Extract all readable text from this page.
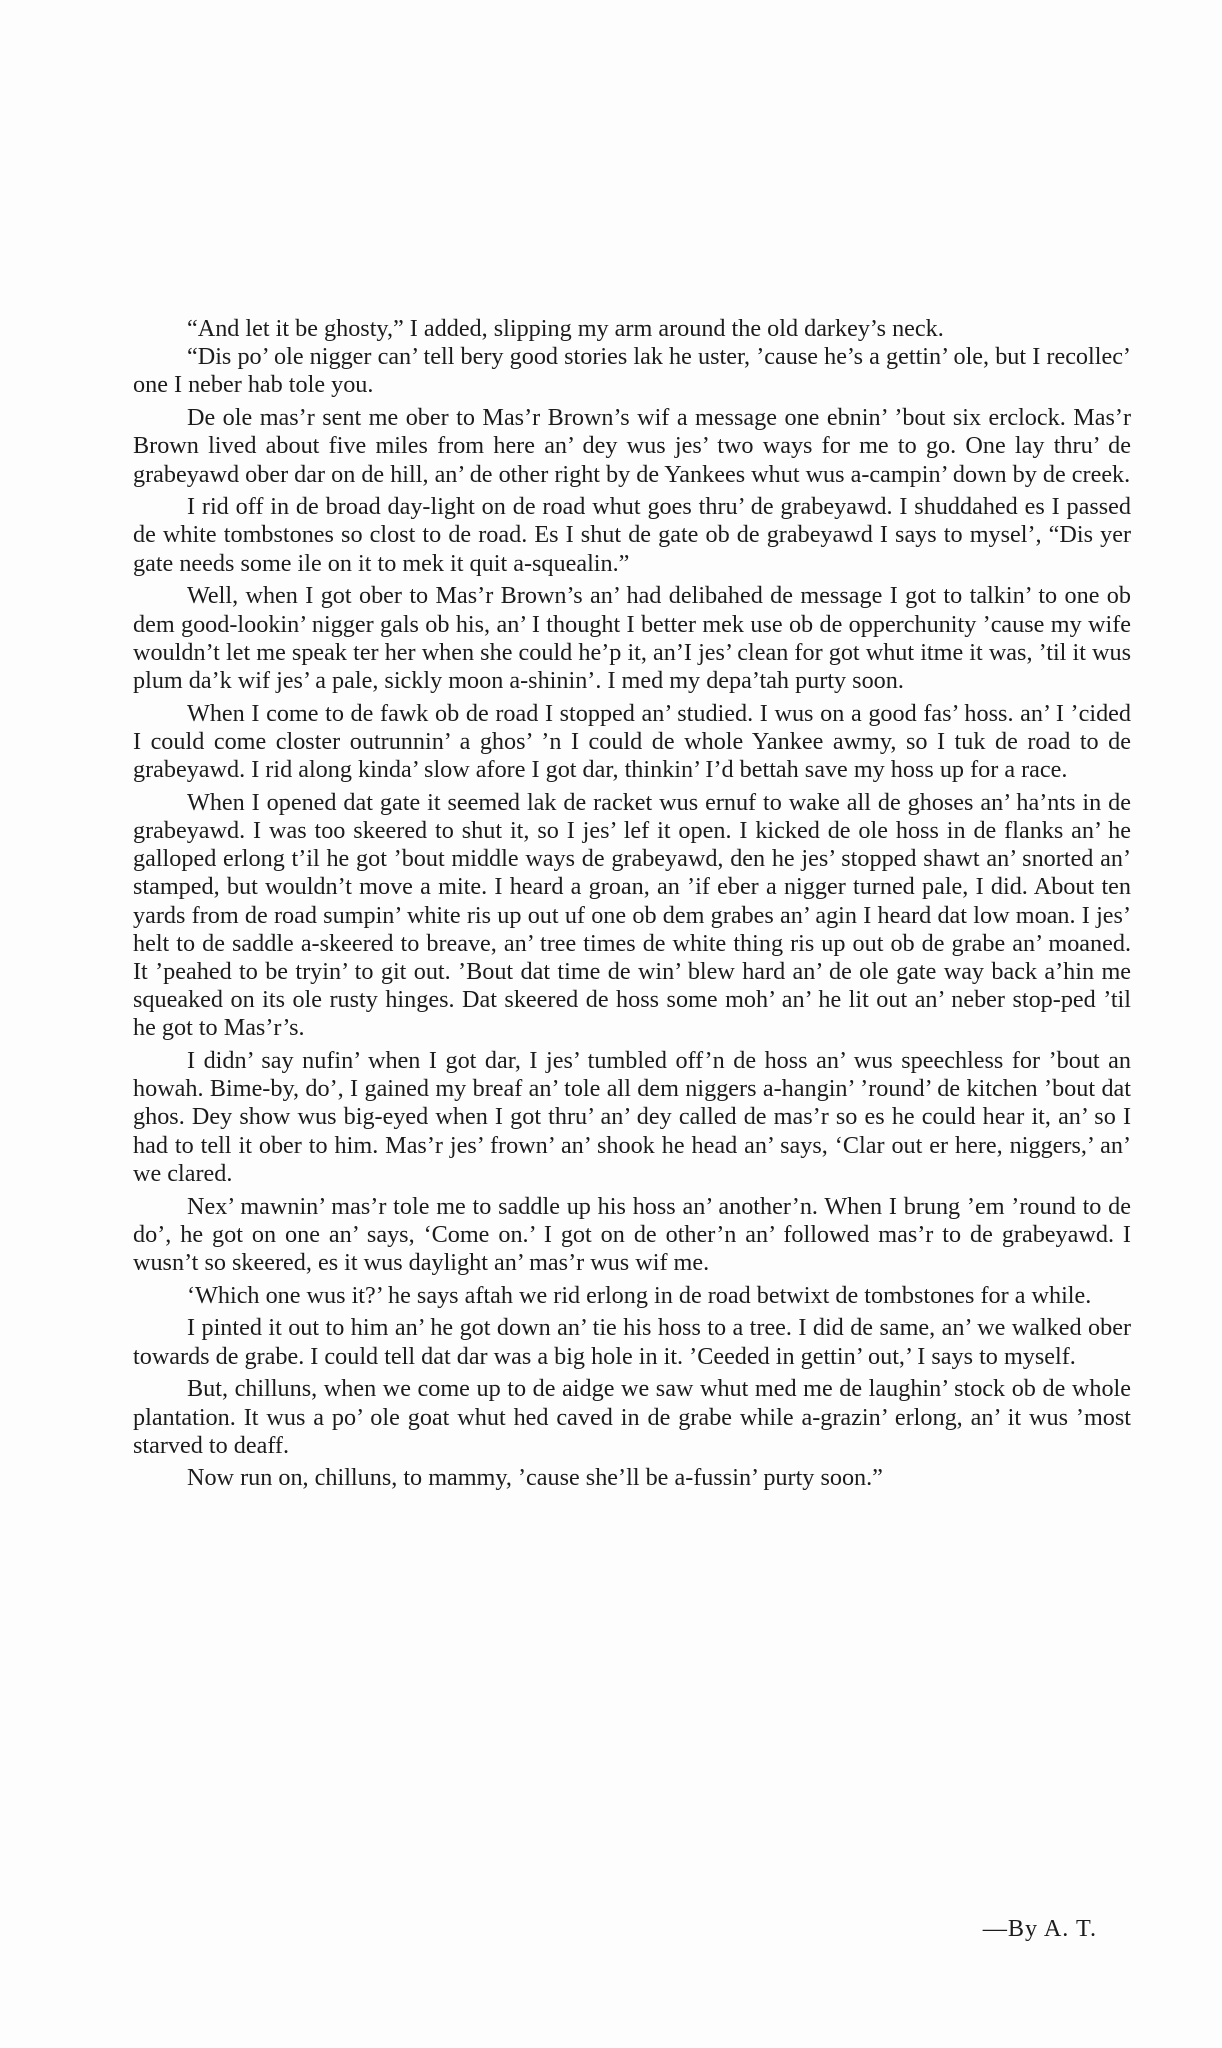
“And let it be ghosty,” I added, slipping my arm around the old darkey’s neck.

“Dis po’ ole nigger can’ tell bery good stories lak he uster, ’cause he’s a gettin’ ole, but I recollec’ one I neber hab tole you.

De ole mas’r sent me ober to Mas’r Brown’s wif a message one ebnin’ ’bout six erclock. Mas’r Brown lived about five miles from here an’ dey wus jes’ two ways for me to go. One lay thru’ de grabeyawd ober dar on de hill, an’ de other right by de Yankees whut wus a-campin’ down by de creek.

I rid off in de broad day-light on de road whut goes thru’ de grabeyawd. I shuddahed es I passed de white tombstones so clost to de road. Es I shut de gate ob de grabeyawd I says to mysel’, “Dis yer gate needs some ile on it to mek it quit a-squealin.”

Well, when I got ober to Mas’r Brown’s an’ had delibahed de message I got to talkin’ to one ob dem good-lookin’ nigger gals ob his, an’ I thought I better mek use ob de opperchunity ’cause my wife wouldn’t let me speak ter her when she could he’p it, an’I jes’ clean for got whut itme it was, ’til it wus plum da’k wif jes’ a pale, sickly moon a-shinin’. I med my depa’tah purty soon.

When I come to de fawk ob de road I stopped an’ studied. I wus on a good fas’ hoss. an’ I ’cided I could come closter outrunnin’ a ghos’ ’n I could de whole Yankee awmy, so I tuk de road to de grabeyawd. I rid along kinda’ slow afore I got dar, thinkin’ I’d bettah save my hoss up for a race.

When I opened dat gate it seemed lak de racket wus ernuf to wake all de ghoses an’ ha’nts in de grabeyawd. I was too skeered to shut it, so I jes’ lef it open. I kicked de ole hoss in de flanks an’ he galloped erlong t’il he got ’bout middle ways de grabeyawd, den he jes’ stopped shawt an’ snorted an’ stamped, but wouldn’t move a mite. I heard a groan, an ’if eber a nigger turned pale, I did. About ten yards from de road sumpin’ white ris up out uf one ob dem grabes an’ agin I heard dat low moan. I jes’ helt to de saddle a-skeered to breave, an’ tree times de white thing ris up out ob de grabe an’ moaned. It ’peahed to be tryin’ to git out. ’Bout dat time de win’ blew hard an’ de ole gate way back a’hin me squeaked on its ole rusty hinges. Dat skeered de hoss some moh’ an’ he lit out an’ neber stop-ped ’til he got to Mas’r’s.

I didn’ say nufin’ when I got dar, I jes’ tumbled off’n de hoss an’ wus speechless for ’bout an howah. Bime-by, do’, I gained my breaf an’ tole all dem niggers a-hangin’ ’round’ de kitchen ’bout dat ghos. Dey show wus big-eyed when I got thru’ an’ dey called de mas’r so es he could hear it, an’ so I had to tell it ober to him. Mas’r jes’ frown’ an’ shook he head an’ says, ‘Clar out er here, niggers,’ an’ we clared.

Nex’ mawnin’ mas’r tole me to saddle up his hoss an’ another’n. When I brung ’em ’round to de do’, he got on one an’ says, ‘Come on.’ I got on de other’n an’ followed mas’r to de grabeyawd. I wusn’t so skeered, es it wus daylight an’ mas’r wus wif me.

‘Which one wus it?’ he says aftah we rid erlong in de road betwixt de tombstones for a while.

I pinted it out to him an’ he got down an’ tie his hoss to a tree. I did de same, an’ we walked ober towards de grabe. I could tell dat dar was a big hole in it. ’Ceeded in gettin’ out,’ I says to myself.

But, chilluns, when we come up to de aidge we saw whut med me de laughin’ stock ob de whole plantation. It wus a po’ ole goat whut hed caved in de grabe while a-grazin’ erlong, an’ it wus ’most starved to deaff.

Now run on, chilluns, to mammy, ’cause she’ll be a-fussin’ purty soon.”

—By A. T.
